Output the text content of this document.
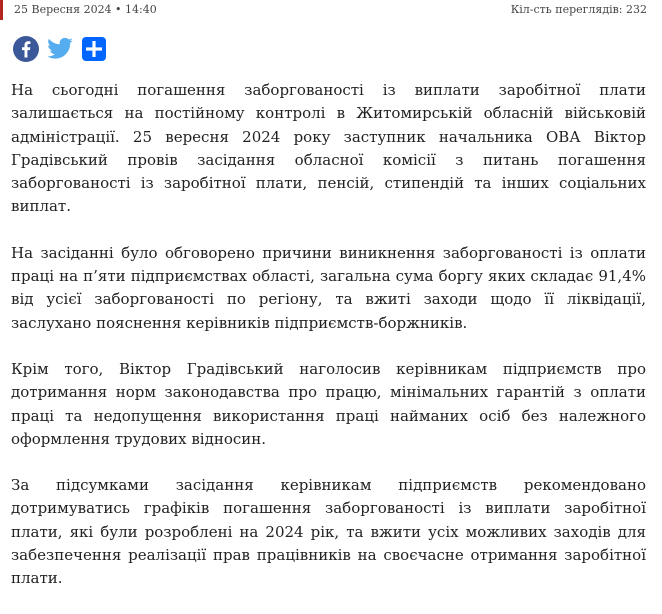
25 Вересня 2024 • 14:40	Кіл-сть переглядів: 232

На сьогодні погашення заборгованості із виплати заробітної плати залишається на постійному контролі в Житомирській обласній військовій адміністрації. 25 вересня 2024 року заступник начальника ОВА Віктор Градівський провів засідання обласної комісії з питань погашення заборгованості із заробітної плати, пенсій, стипендій та інших соціальних виплат.

На засіданні було обговорено причини виникнення заборгованості із оплати праці на п’яти підприємствах області, загальна сума боргу яких складає 91,4% від усієї заборгованості по регіону, та вжиті заходи щодо її ліквідації, заслухано пояснення керівників підприємств-боржників.

Крім того, Віктор Градівський наголосив керівникам підприємств про дотримання норм законодавства про працю, мінімальних гарантій з оплати праці та недопущення використання праці найманих осіб без належного оформлення трудових відносин.

За підсумками засідання керівникам підприємств рекомендовано дотримуватись графіків погашення заборгованості із виплати заробітної плати, які були розроблені на 2024 рік, та вжити усіх можливих заходів для забезпечення реалізації прав працівників на своєчасне отримання заробітної плати.
